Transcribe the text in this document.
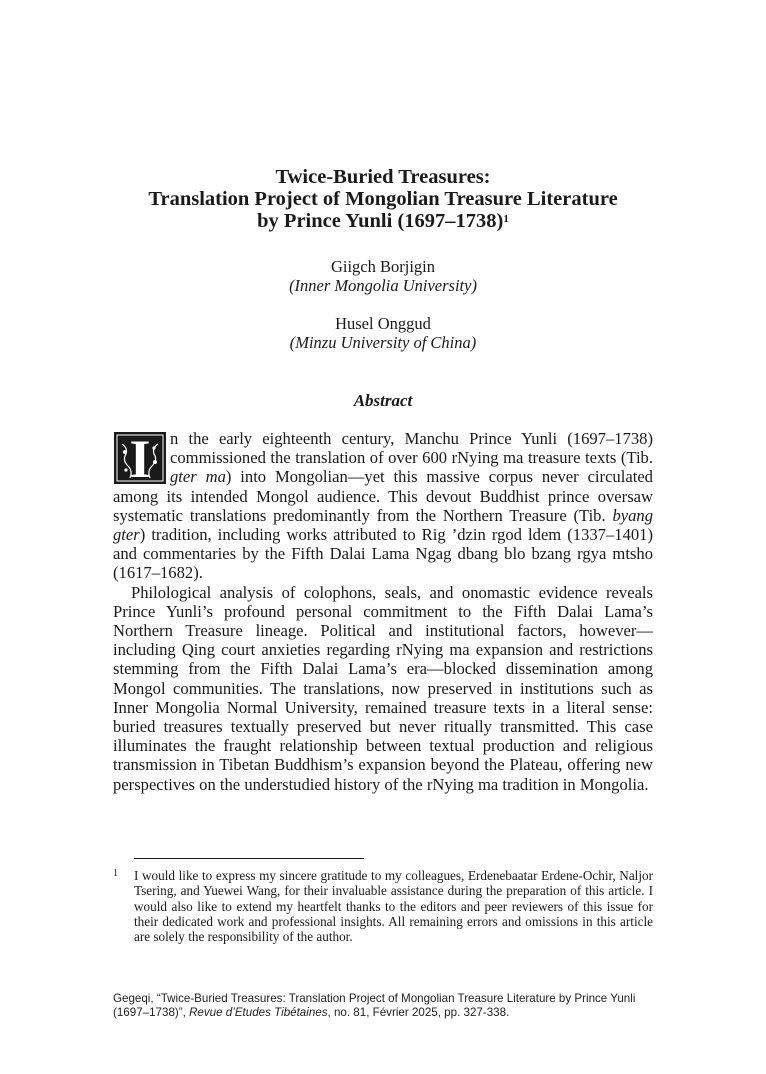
Twice-Buried Treasures:
Translation Project of Mongolian Treasure Literature
by Prince Yunli (1697–1738)$^1$
Giigch Borjigin
(Inner Mongolia University)
Husel Onggud
(Minzu University of China)
Abstract

I	n the early eighteenth century, Manchu Prince Yunli (1697–1738) commissioned the translation of over 600 rNying ma treasure texts (Tib. gter ma) into Mongolian—yet this massive corpus never circulated among its intended Mongol audience. This devout Buddhist prince oversaw systematic translations predominantly from the Northern Treasure (Tib. byang gter) tradition, including works attributed to Rig ’dzin rgod ldem (1337–1401) and commentaries by the Fifth Dalai Lama Ngag dbang blo bzang rgya mtsho (1617–1682).

Philological analysis of colophons, seals, and onomastic evidence reveals Prince Yunli’s profound personal commitment to the Fifth Dalai Lama’s Northern Treasure lineage. Political and institutional factors, however—including Qing court anxieties regarding rNying ma expansion and restrictions stemming from the Fifth Dalai Lama’s era—blocked dissemination among Mongol communities. The translations, now preserved in institutions such as Inner Mongolia Normal University, remained treasure texts in a literal sense: buried treasures textually preserved but never ritually transmitted. This case illuminates the fraught relationship between textual production and religious transmission in Tibetan Buddhism’s expansion beyond the Plateau, offering new perspectives on the understudied history of the rNying ma tradition in Mongolia.

1 I would like to express my sincere gratitude to my colleagues, Erdenebaatar Erdene-Ochir, Naljor Tsering, and Yuewei Wang, for their invaluable assistance during the preparation of this article. I would also like to extend my heartfelt thanks to the editors and peer reviewers of this issue for their dedicated work and professional insights. All remaining errors and omissions in this article are solely the responsibility of the author.
Gegeqi, “Twice-Buried Treasures: Translation Project of Mongolian Treasure Literature by Prince Yunli (1697–1738)”, Revue d’Etudes Tibétaines, no. 81, Février 2025, pp. 327-338.
